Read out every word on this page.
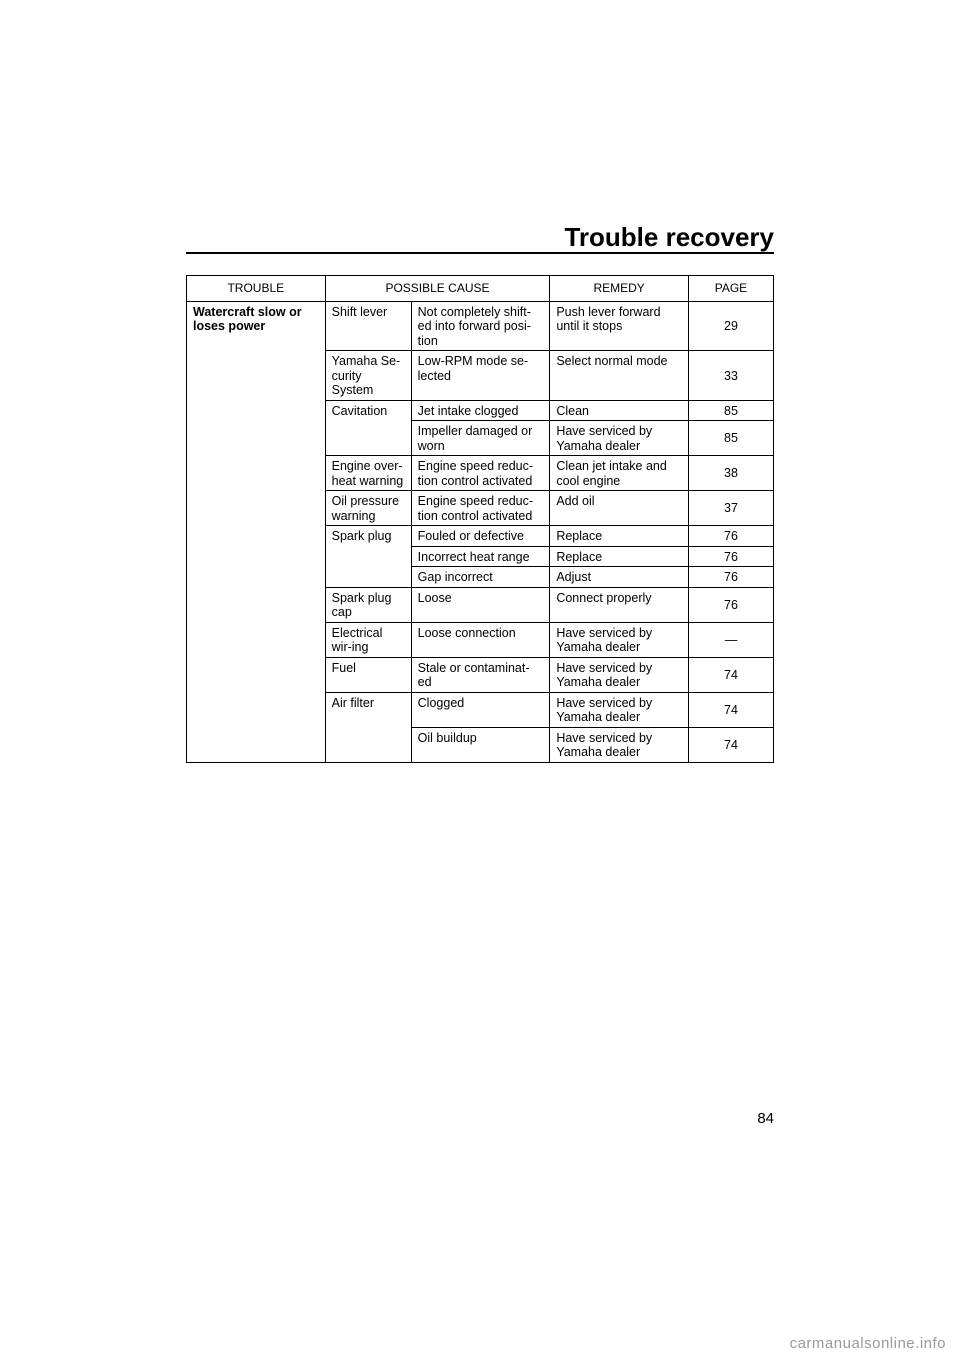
Trouble recovery
TROUBLE	POSSIBLE CAUSE		REMEDY	PAGE
Watercraft slow or loses power	Shift lever	Not completely shift-ed into forward posi-tion	Push lever forward until it stops	29
	Yamaha Se-curity System	Low-RPM mode se-lected	Select normal mode	33
	Cavitation	Jet intake clogged	Clean	85
		Impeller damaged or worn	Have serviced by Yamaha dealer	85
	Engine over-heat warning	Engine speed reduc-tion control activated	Clean jet intake and cool engine	38
	Oil pressure warning	Engine speed reduc-tion control activated	Add oil	37
	Spark plug	Fouled or defective	Replace	76
		Incorrect heat range	Replace	76
		Gap incorrect	Adjust	76
	Spark plug cap	Loose	Connect properly	76
	Electrical wir-ing	Loose connection	Have serviced by Yamaha dealer	—
	Fuel	Stale or contaminat-ed	Have serviced by Yamaha dealer	74
	Air filter	Clogged	Have serviced by Yamaha dealer	74
		Oil buildup	Have serviced by Yamaha dealer	74
84
carmanualsonline.info
